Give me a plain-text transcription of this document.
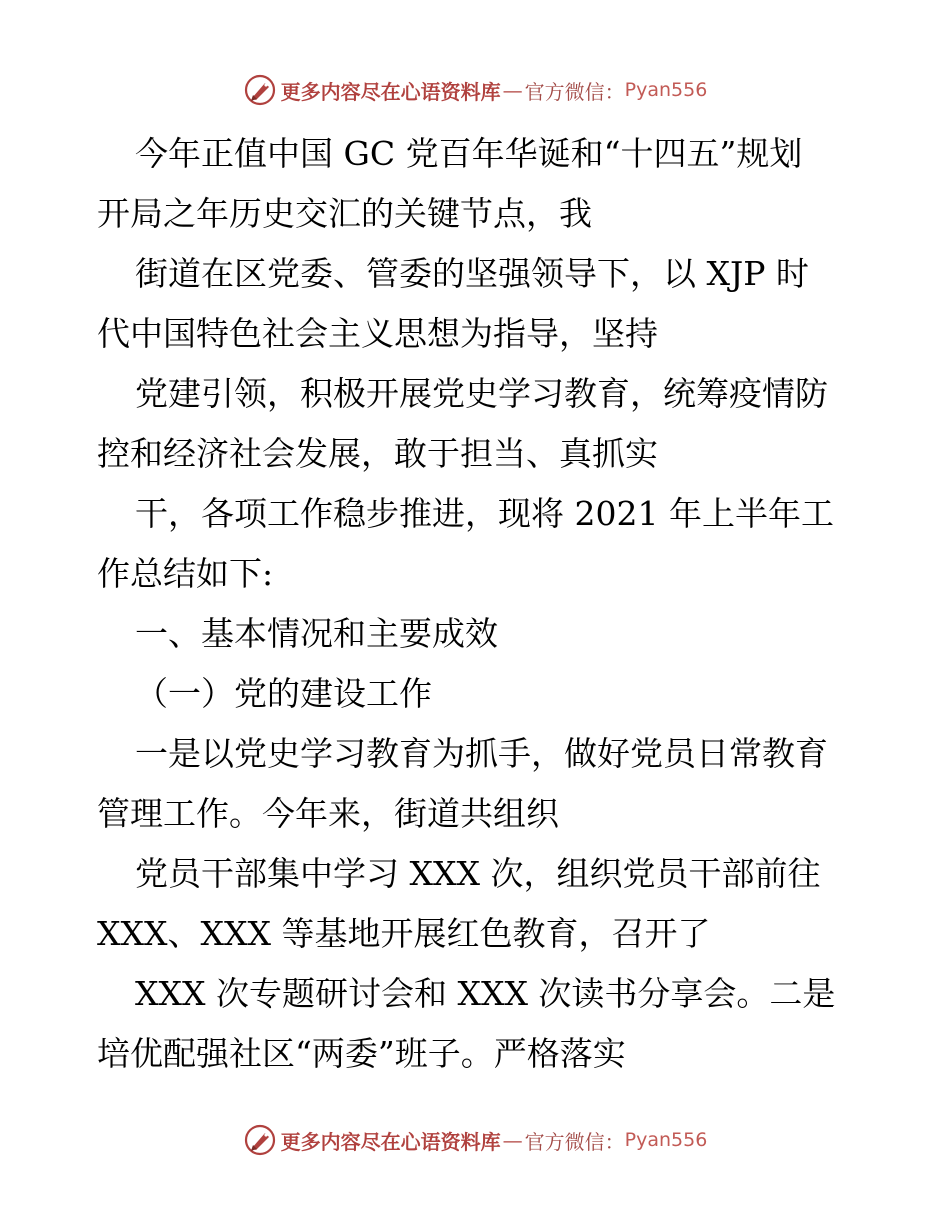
更多内容尽在心语资料库 — 官方微信： Pyan556
今年正值中国 GC 党百年华诞和“十四五”规划
开局之年历史交汇的关键节点，我
街道在区党委、管委的坚强领导下，以 XJP 时
代中国特色社会主义思想为指导，坚持
党建引领，积极开展党史学习教育，统筹疫情防
控和经济社会发展，敢于担当、真抓实
干，各项工作稳步推进，现将 2021 年上半年工
作总结如下:
一、基本情况和主要成效
（一）党的建设工作
一是以党史学习教育为抓手，做好党员日常教育
管理工作。今年来，街道共组织
党员干部集中学习 XXX 次，组织党员干部前往
XXX、XXX 等基地开展红色教育，召开了
XXX 次专题研讨会和 XXX 次读书分享会。二是
培优配强社区“两委”班子。严格落实
更多内容尽在心语资料库 — 官方微信： Pyan556
